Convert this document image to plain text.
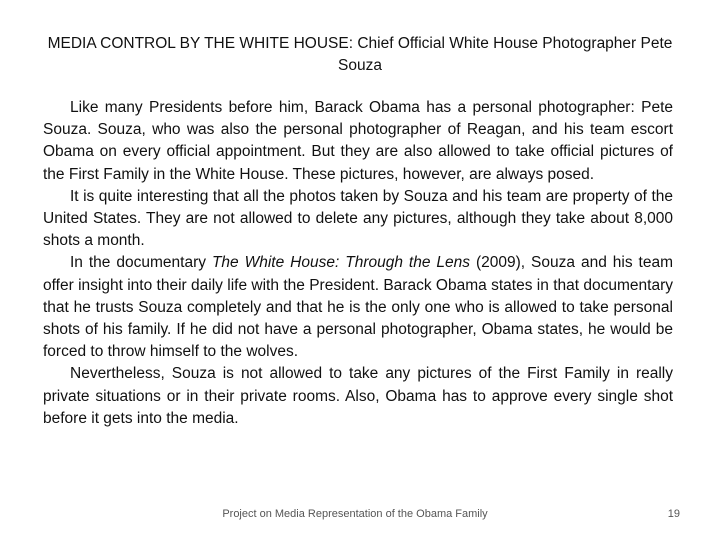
MEDIA CONTROL BY THE WHITE HOUSE: Chief Official White House Photographer Pete Souza

Like many Presidents before him, Barack Obama has a personal photographer: Pete Souza. Souza, who was also the personal photographer of Reagan, and his team escort Obama on every official appointment. But they are also allowed to take official pictures of the First Family in the White House. These pictures, however, are always posed.

It is quite interesting that all the photos taken by Souza and his team are property of the United States. They are not allowed to delete any pictures, although they take about 8,000 shots a month.

In the documentary The White House: Through the Lens (2009), Souza and his team offer insight into their daily life with the President. Barack Obama states in that documentary that he trusts Souza completely and that he is the only one who is allowed to take personal shots of his family. If he did not have a personal photographer, Obama states, he would be forced to throw himself to the wolves.

Nevertheless, Souza is not allowed to take any pictures of the First Family in really private situations or in their private rooms. Also, Obama has to approve every single shot before it gets into the media.

Project on Media Representation of the Obama Family	19
